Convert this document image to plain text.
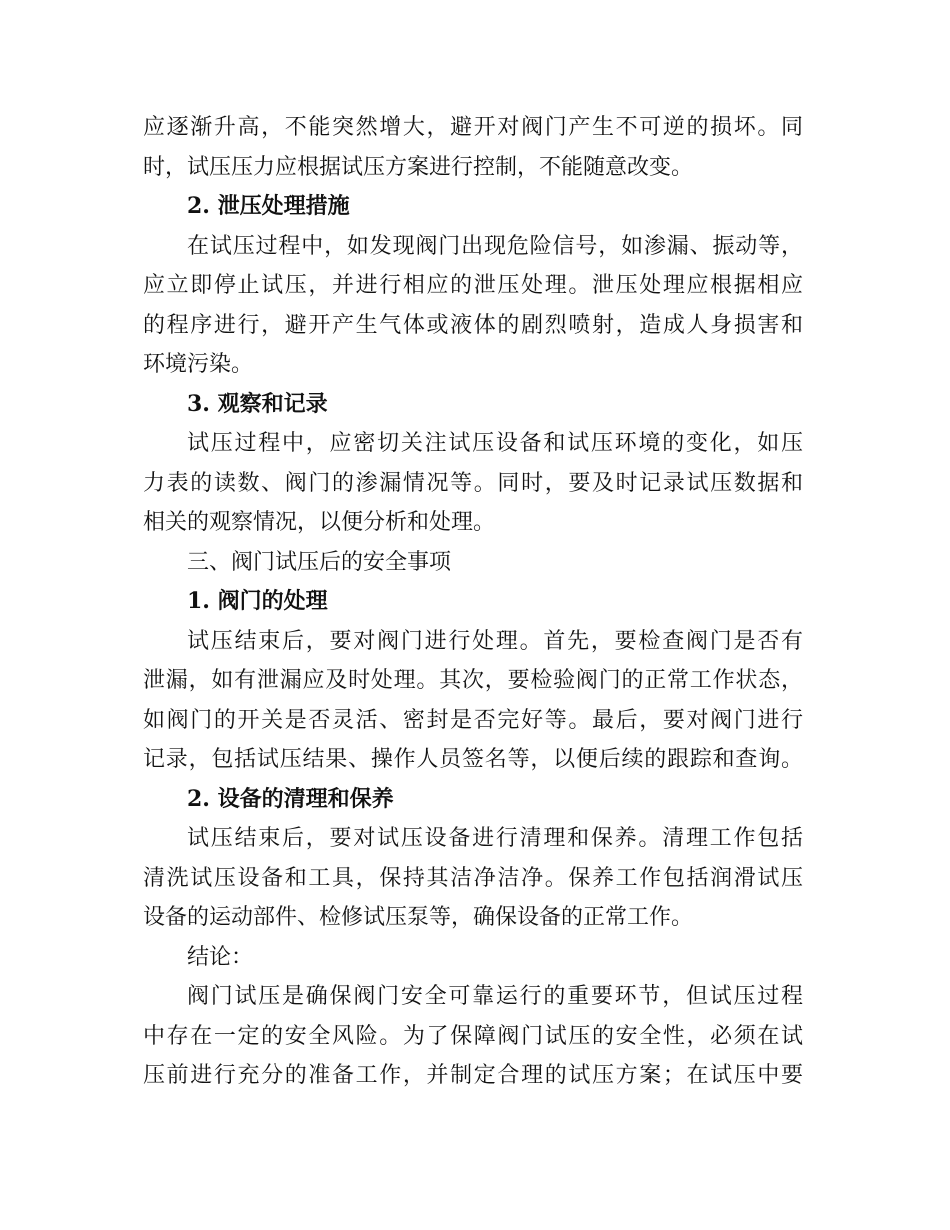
应逐渐升高，不能突然增大，避开对阀门产生不可逆的损坏。同
时，试压压力应根据试压方案进行控制，不能随意改变。
2. 泄压处理措施
在试压过程中，如发现阀门出现危险信号，如渗漏、振动等，
应立即停止试压，并进行相应的泄压处理。泄压处理应根据相应
的程序进行，避开产生气体或液体的剧烈喷射，造成人身损害和
环境污染。
3. 观察和记录
试压过程中，应密切关注试压设备和试压环境的变化，如压
力表的读数、阀门的渗漏情况等。同时，要及时记录试压数据和
相关的观察情况，以便分析和处理。
三、阀门试压后的安全事项
1. 阀门的处理
试压结束后，要对阀门进行处理。首先，要检查阀门是否有
泄漏，如有泄漏应及时处理。其次，要检验阀门的正常工作状态，
如阀门的开关是否灵活、密封是否完好等。最后，要对阀门进行
记录，包括试压结果、操作人员签名等，以便后续的跟踪和查询。
2. 设备的清理和保养
试压结束后，要对试压设备进行清理和保养。清理工作包括
清洗试压设备和工具，保持其洁净洁净。保养工作包括润滑试压
设备的运动部件、检修试压泵等，确保设备的正常工作。
结论：
阀门试压是确保阀门安全可靠运行的重要环节，但试压过程
中存在一定的安全风险。为了保障阀门试压的安全性，必须在试
压前进行充分的准备工作，并制定合理的试压方案；在试压中要
